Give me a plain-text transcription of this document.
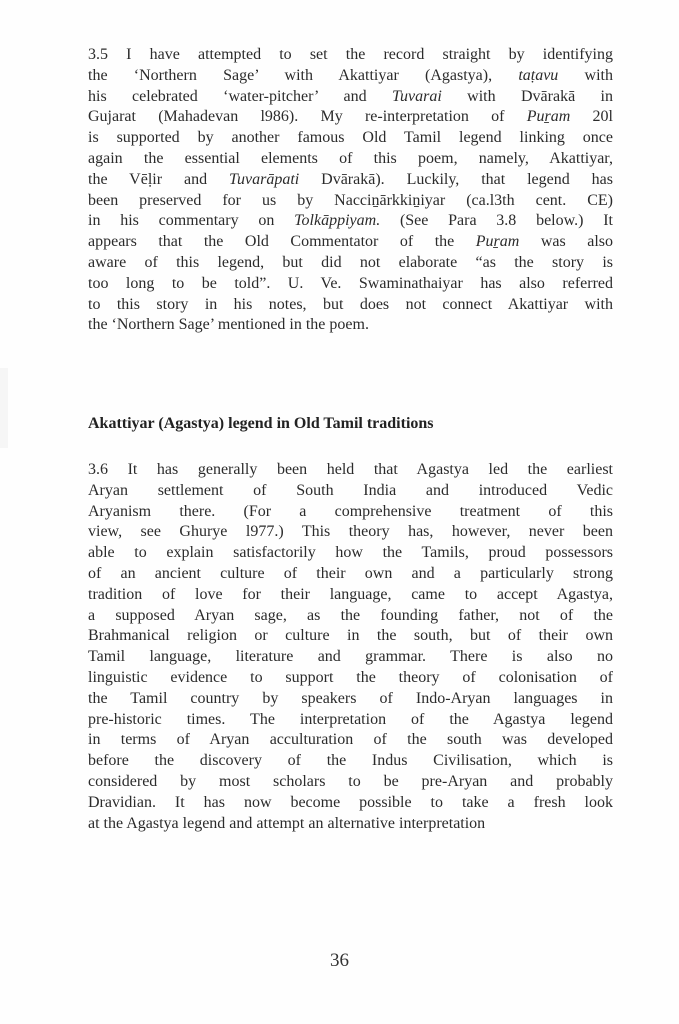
3.5 I have attempted to set the record straight by identifying
the ‘Northern Sage’ with Akattiyar (Agastya), taṭavu with
his celebrated ‘water-pitcher’ and Tuvarai with Dvārakā in
Gujarat (Mahadevan l986). My re-interpretation of Puṟam 20l
is supported by another famous Old Tamil legend linking once
again the essential elements of this poem, namely, Akattiyar,
the Vēḷir and Tuvarāpati Dvārakā). Luckily, that legend has
been preserved for us by Nacciṉārkkiṉiyar (ca.l3th cent. CE)
in his commentary on Tolkāppiyam. (See Para 3.8 below.) It
appears that the Old Commentator of the Puṟam was also
aware of this legend, but did not elaborate “as the story is
too long to be told”. U. Ve. Swaminathaiyar has also referred
to this story in his notes, but does not connect Akattiyar with
the ‘Northern Sage’ mentioned in the poem.
Akattiyar (Agastya) legend in Old Tamil traditions
3.6 It has generally been held that Agastya led the earliest
Aryan settlement of South India and introduced Vedic
Aryanism there. (For a comprehensive treatment of this
view, see Ghurye l977.) This theory has, however, never been
able to explain satisfactorily how the Tamils, proud possessors
of an ancient culture of their own and a particularly strong
tradition of love for their language, came to accept Agastya,
a supposed Aryan sage, as the founding father, not of the
Brahmanical religion or culture in the south, but of their own
Tamil language, literature and grammar. There is also no
linguistic evidence to support the theory of colonisation of
the Tamil country by speakers of Indo-Aryan languages in
pre-historic times. The interpretation of the Agastya legend
in terms of Aryan acculturation of the south was developed
before the discovery of the Indus Civilisation, which is
considered by most scholars to be pre-Aryan and probably
Dravidian. It has now become possible to take a fresh look
at the Agastya legend and attempt an alternative interpretation
36
